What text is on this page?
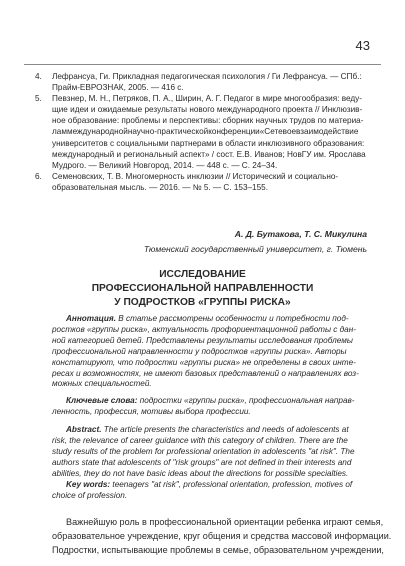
43
4. Лефрансуа, Ги. Прикладная педагогическая психология / Ги Лефрансуа. — СПб.:
Прайм-ЕВРОЗНАК, 2005. — 416 с.
5. Певзнер, М. Н., Петряков, П. А., Ширин, А. Г. Педагог в мире многообразия: веду-
щие идеи и ожидаемые результаты нового международного проекта // Инклюзив-
ное образование: проблемы и перспективы: сборник научных трудов по материа-
ламмеждународнойнаучно-практическойконференции«Сетевоевзаимодействие
университетов с социальными партнерами в области инклюзивного образования:
международный и региональный аспект» / сост. Е.В. Иванов; НовГУ им. Ярослава
Мудрого. — Великий Новгород, 2014. — 448 с. — С. 24–34.
6. Семеновских, Т. В. Многомерность инклюзии // Исторический и социально-
образовательная мысль. — 2016. — № 5. — С. 153–155.
А. Д. Бутакова, Т. С. Микулина
Тюменский государственный университет, г. Тюмень
ИССЛЕДОВАНИЕ
ПРОФЕССИОНАЛЬНОЙ НАПРАВЛЕННОСТИ
У ПОДРОСТКОВ «ГРУППЫ РИСКА»
Аннотация. В статье рассмотрены особенности и потребности под-
ростков «группы риска», актуальность профориентационной работы с дан-
ной категорией детей. Представлены результаты исследования проблемы
профессиональной направленности у подростков «группы риска». Авторы
констатируют, что подростки «группы риска» не определены в своих инте-
ресах и возможностях, не имеют базовых представлений о направлениях воз-
можных специальностей.
Ключевые слова: подростки «группы риска», профессиональная направ-
ленность, профессия, мотивы выбора профессии.
Abstract. The article presents the characteristics and needs of adolescents at
risk, the relevance of career guidance with this category of children. There are the
study results of the problem for professional orientation in adolescents "at risk". The
authors state that adolescents of "risk groups" are not defined in their interests and
abilities, they do not have basic ideas about the directions for possible specialties.
Key words: teenagers "at risk", professional orientation, profession, motives of
choice of profession.
Важнейшую роль в профессиональной ориентации ребенка играют семья,
образовательное учреждение, круг общения и средства массовой информации.
Подростки, испытывающие проблемы в семье, образовательном учреждении,
